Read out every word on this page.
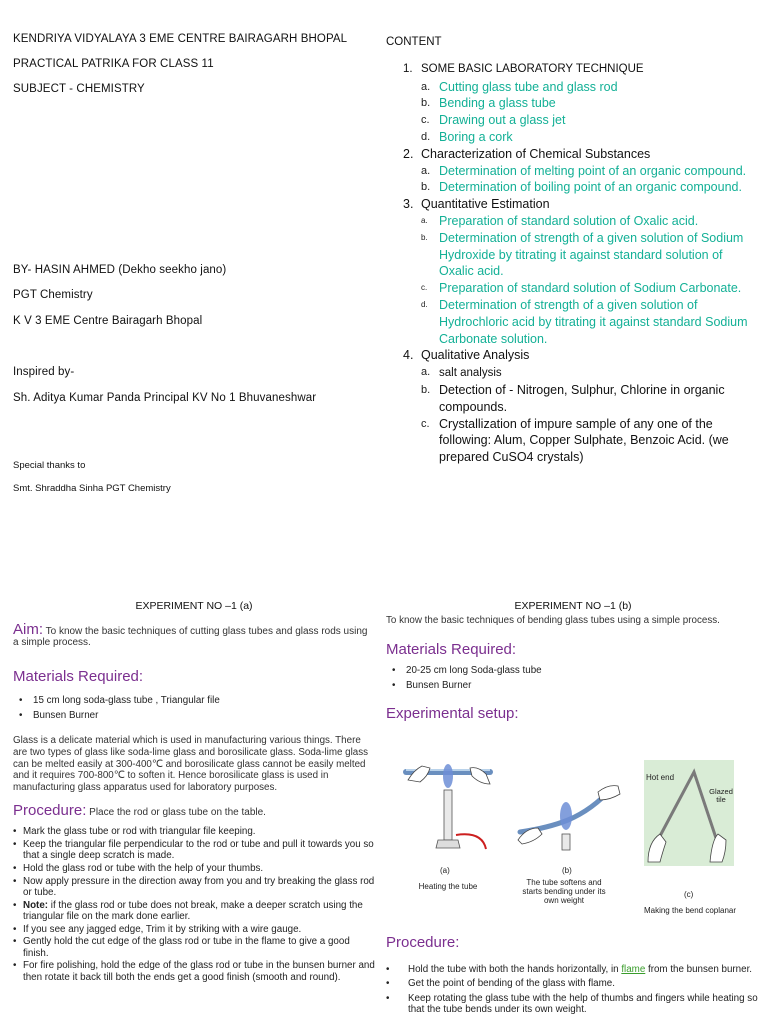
KENDRIYA VIDYALAYA 3 EME CENTRE BAIRAGARH BHOPAL
PRACTICAL PATRIKA FOR CLASS 11
SUBJECT - CHEMISTRY
BY- HASIN AHMED (Dekho seekho jano)
PGT Chemistry
K V 3 EME Centre Bairagarh Bhopal
Inspired by-
Sh. Aditya Kumar Panda Principal KV No 1 Bhuvaneshwar
Special thanks to
Smt. Shraddha Sinha PGT Chemistry
CONTENT
1. SOME BASIC LABORATORY TECHNIQUE
a. Cutting glass tube and glass rod
b. Bending a glass tube
c. Drawing out a glass jet
d. Boring a cork
2. Characterization of Chemical Substances
a. Determination of melting point of an organic compound.
b. Determination of boiling point of an organic compound.
3. Quantitative Estimation
a. Preparation of standard solution of Oxalic acid.
b. Determination of strength of a given solution of Sodium Hydroxide by titrating it against standard solution of Oxalic acid.
c. Preparation of standard solution of Sodium Carbonate.
d. Determination of strength of a given solution of Hydrochloric acid by titrating it against standard Sodium Carbonate solution.
4. Qualitative Analysis
a. salt analysis
b. Detection of - Nitrogen, Sulphur, Chlorine in organic compounds.
c. Crystallization of impure sample of any one of the following: Alum, Copper Sulphate, Benzoic Acid. (we prepared CuSO4 crystals)
EXPERIMENT NO –1 (a)
Aim: To know the basic techniques of cutting glass tubes and glass rods using a simple process.
Materials Required:
• 15 cm long soda-glass tube , Triangular file
• Bunsen Burner
Glass is a delicate material which is used in manufacturing various things. There are two types of glass like soda-lime glass and borosilicate glass. Soda-lime glass can be melted easily at 300-400℃ and borosilicate glass cannot be easily melted and it requires 700-800℃ to soften it. Hence borosilicate glass is used in manufacturing glass apparatus used for laboratory purposes.
Procedure: Place the rod or glass tube on the table.
• Mark the glass tube or rod with triangular file keeping.
• Keep the triangular file perpendicular to the rod or tube and pull it towards you so that a single deep scratch is made.
• Hold the glass rod or tube with the help of your thumbs.
• Now apply pressure in the direction away from you and try breaking the glass rod or tube.
• Note: if the glass rod or tube does not break, make a deeper scratch using the triangular file on the mark done earlier.
• If you see any jagged edge, Trim it by striking with a wire gauge.
• Gently hold the cut edge of the glass rod or tube in the flame to give a good finish.
• For fire polishing, hold the edge of the glass rod or tube in the bunsen burner and then rotate it back till both the ends get a good finish (smooth and round).
EXPERIMENT NO –1 (b)
To know the basic techniques of bending glass tubes using a simple process.
Materials Required:
• 20-25 cm long Soda-glass tube
• Bunsen Burner
Experimental setup:
(a)
Heating the tube
(b)
The tube softens and starts bending under its own weight
Hot end
Glazed tile
(c)
Making the bend coplanar
Procedure:
• Hold the tube with both the hands horizontally, in flame from the bunsen burner.
• Get the point of bending of the glass with flame.
• Keep rotating the glass tube with the help of thumbs and fingers while heating so that the tube bends under its own weight.
